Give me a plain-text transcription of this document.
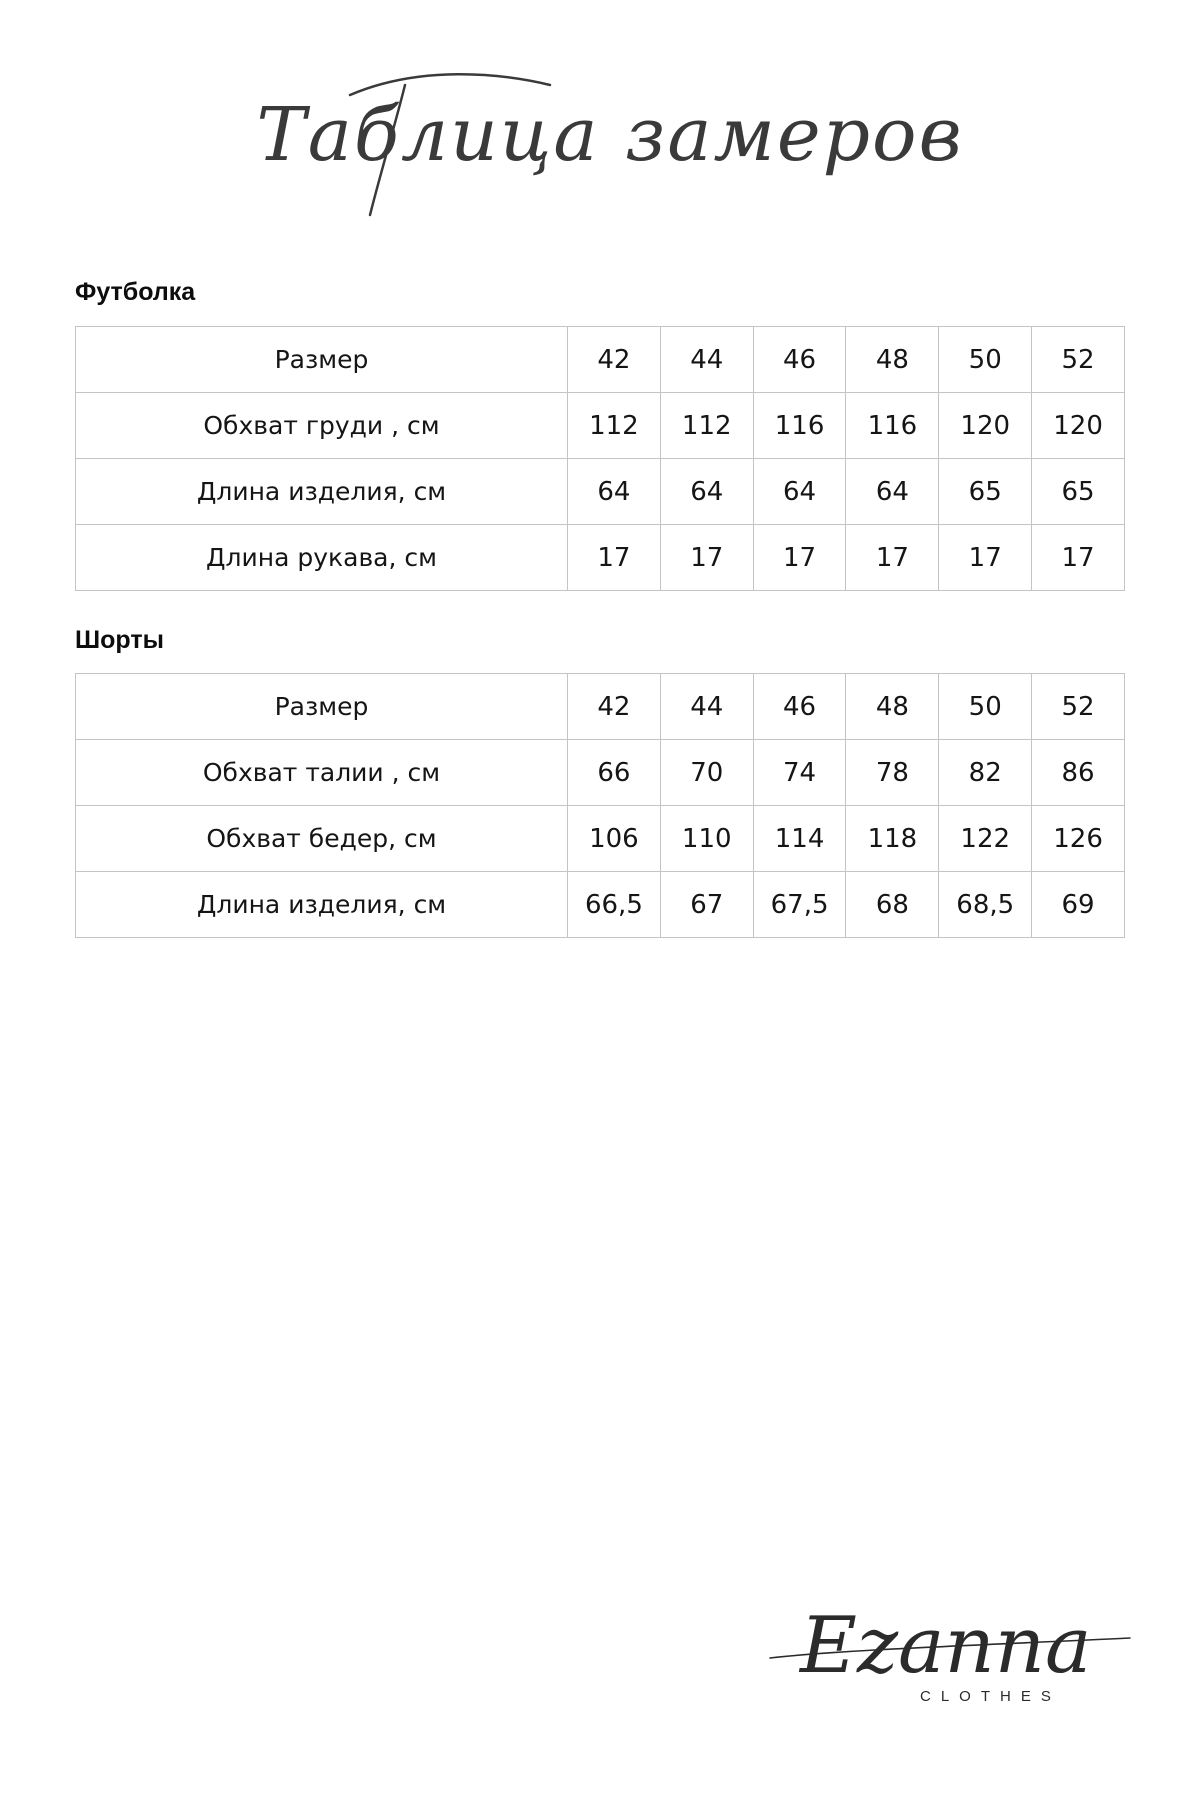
Таблица замеров
Футболка
Размер	42	44	46	48	50	52
Обхват груди , см	112	112	116	116	120	120
Длина изделия, см	64	64	64	64	65	65
Длина рукава, см	17	17	17	17	17	17
Шорты
Размер	42	44	46	48	50	52
Обхват талии , см	66	70	74	78	82	86
Обхват бедер, см	106	110	114	118	122	126
Длина изделия, см	66,5	67	67,5	68	68,5	69
Ezanna
CLOTHES
